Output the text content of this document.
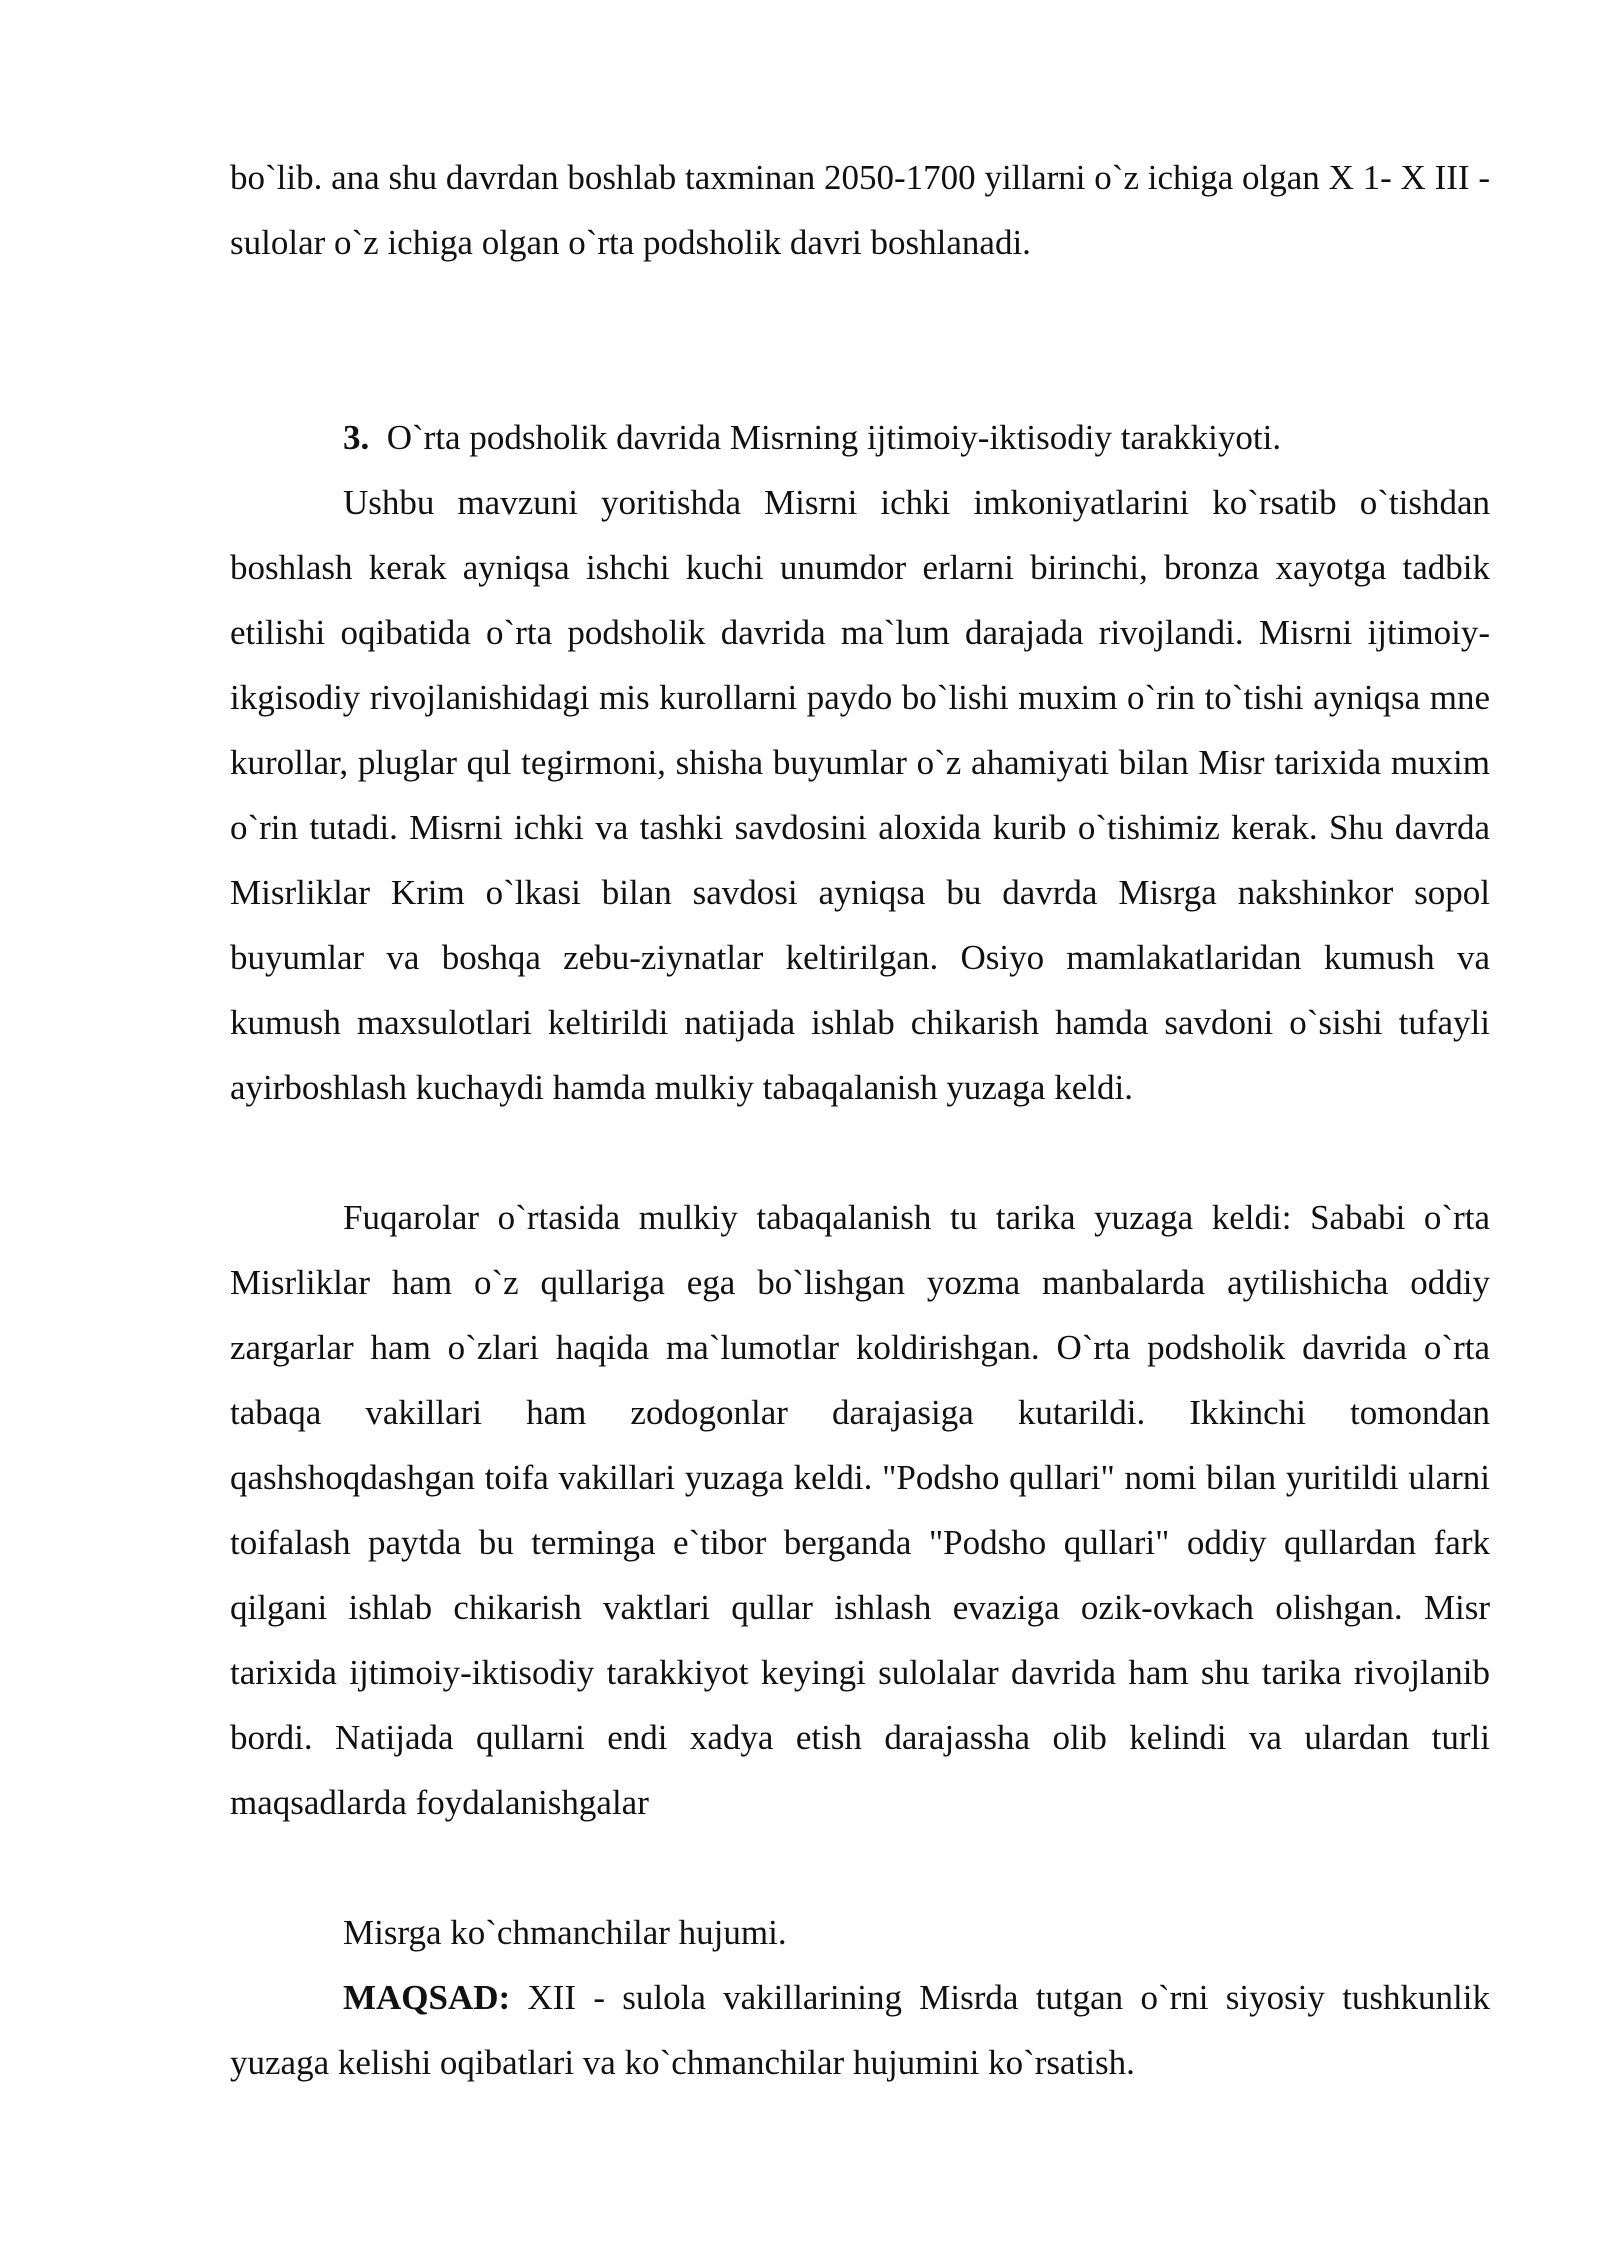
bo`lib. ana shu davrdan boshlab taxminan 2050-1700 yillarni o`z ichiga olgan X 1- X III - sulolar o`z ichiga olgan o`rta podsholik davri boshlanadi.

3. O`rta podsholik davrida Misrning ijtimoiy-iktisodiy tarakkiyoti.

Ushbu mavzuni yoritishda Misrni ichki imkoniyatlarini ko`rsatib o`tishdan boshlash kerak ayniqsa ishchi kuchi unumdor erlarni birinchi, bronza xayotga tadbik etilishi oqibatida o`rta podsholik davrida ma`lum darajada rivojlandi. Misrni ijtimoiy-ikgisodiy rivojlanishidagi mis kurollarni paydo bo`lishi muxim o`rin to`tishi ayniqsa mne kurollar, pluglar qul tegirmoni, shisha buyumlar o`z ahamiyati bilan Misr tarixida muxim o`rin tutadi. Misrni ichki va tashki savdosini aloxida kurib o`tishimiz kerak. Shu davrda Misrliklar Krim o`lkasi bilan savdosi ayniqsa bu davrda Misrga nakshinkor sopol buyumlar va boshqa zebu-ziynatlar keltirilgan. Osiyo mamlakatlaridan kumush va kumush maxsulotlari keltirildi natijada ishlab chikarish hamda savdoni o`sishi tufayli ayirboshlash kuchaydi hamda mulkiy tabaqalanish yuzaga keldi.

Fuqarolar o`rtasida mulkiy tabaqalanish tu tarika yuzaga keldi: Sababi o`rta Misrliklar ham o`z qullariga ega bo`lishgan yozma manbalarda aytilishicha oddiy zargarlar ham o`zlari haqida ma`lumotlar koldirishgan. O`rta podsholik davrida o`rta tabaqa vakillari ham zodogonlar darajasiga kutarildi. Ikkinchi tomondan qashshoqdashgan toifa vakillari yuzaga keldi. "Podsho qullari" nomi bilan yuritildi ularni toifalash paytda bu terminga e`tibor berganda "Podsho qullari" oddiy qullardan fark qilgani ishlab chikarish vaktlari qullar ishlash evaziga ozik-ovkach olishgan. Misr tarixida ijtimoiy-iktisodiy tarakkiyot keyingi sulolalar davrida ham shu tarika rivojlanib bordi. Natijada qullarni endi xadya etish darajassha olib kelindi va ulardan turli maqsadlarda foydalanishgalar

Misrga ko`chmanchilar hujumi.

MAQSAD: XII - sulola vakillarining Misrda tutgan o`rni siyosiy tushkunlik yuzaga kelishi oqibatlari va ko`chmanchilar hujumini ko`rsatish.
